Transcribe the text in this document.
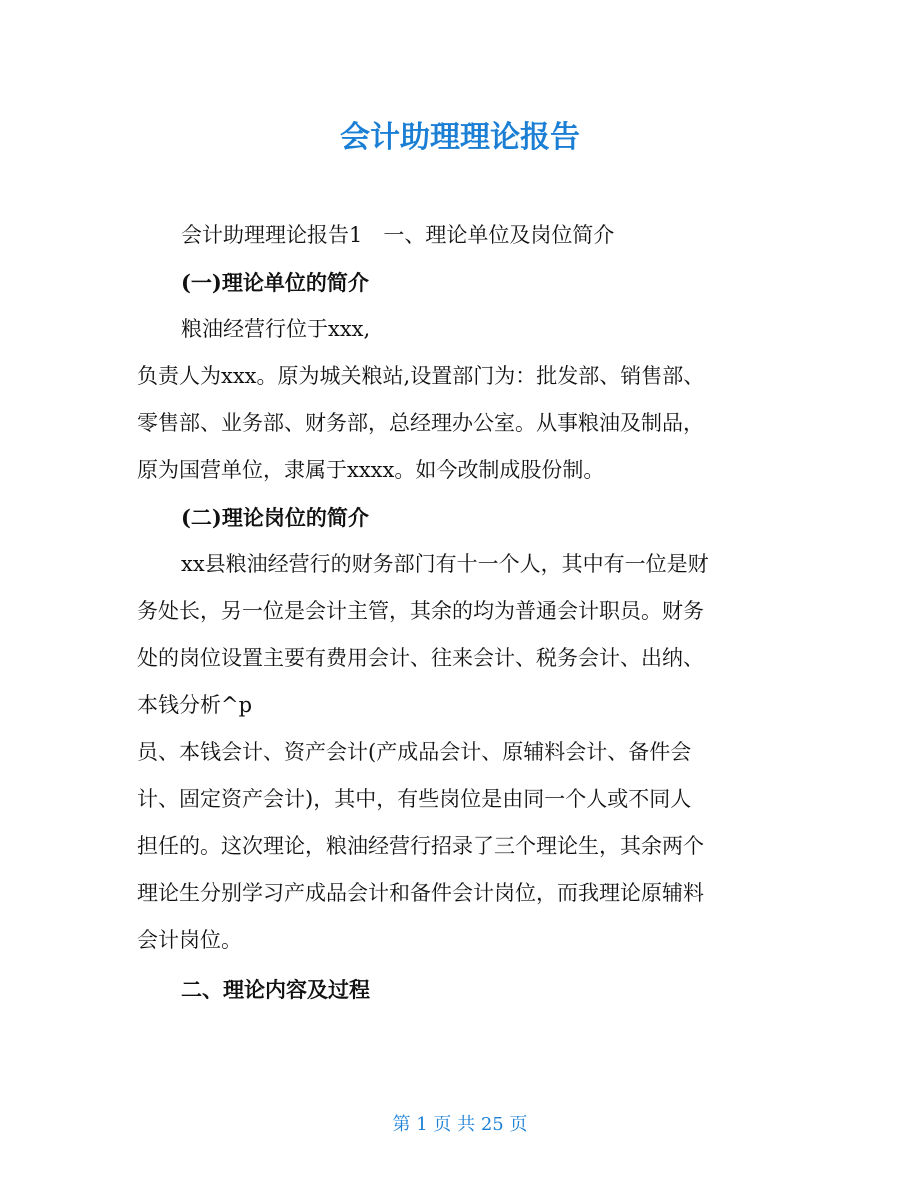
会计助理理论报告
会计助理理论报告1　一、理论单位及岗位简介
(一)理论单位的简介
粮油经营行位于xxx,
负责人为xxx。原为城关粮站,设置部门为：批发部、销售部、
零售部、业务部、财务部，总经理办公室。从事粮油及制品，
原为国营单位，隶属于xxxx。如今改制成股份制。
(二)理论岗位的简介
xx县粮油经营行的财务部门有十一个人，其中有一位是财
务处长，另一位是会计主管，其余的均为普通会计职员。财务
处的岗位设置主要有费用会计、往来会计、税务会计、出纳、
本钱分析^p
员、本钱会计、资产会计(产成品会计、原辅料会计、备件会
计、固定资产会计)，其中，有些岗位是由同一个人或不同人
担任的。这次理论，粮油经营行招录了三个理论生，其余两个
理论生分别学习产成品会计和备件会计岗位，而我理论原辅料
会计岗位。
二、理论内容及过程
第 1 页 共 25 页
